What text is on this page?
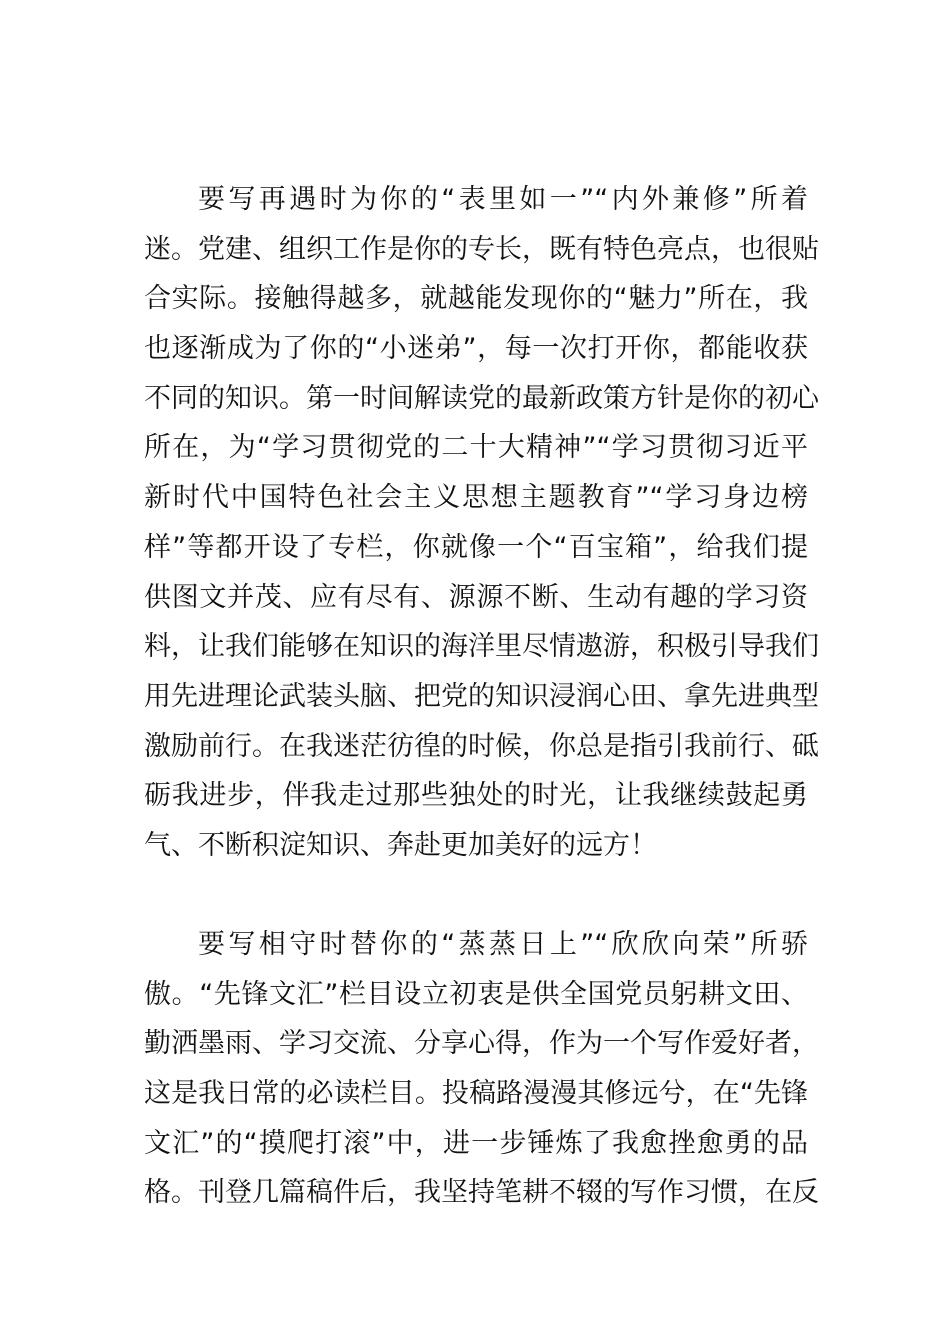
要写再遇时为你的“表里如一”“内外兼修”所着
迷。党建、组织工作是你的专长，既有特色亮点，也很贴
合实际。接触得越多，就越能发现你的“魅力”所在，我
也逐渐成为了你的“小迷弟”，每一次打开你，都能收获
不同的知识。第一时间解读党的最新政策方针是你的初心
所在，为“学习贯彻党的二十大精神”“学习贯彻习近平
新时代中国特色社会主义思想主题教育”“学习身边榜
样”等都开设了专栏，你就像一个“百宝箱”，给我们提
供图文并茂、应有尽有、源源不断、生动有趣的学习资
料，让我们能够在知识的海洋里尽情遨游，积极引导我们
用先进理论武装头脑、把党的知识浸润心田、拿先进典型
激励前行。在我迷茫彷徨的时候，你总是指引我前行、砥
砺我进步，伴我走过那些独处的时光，让我继续鼓起勇
气、不断积淀知识、奔赴更加美好的远方！
要写相守时替你的“蒸蒸日上”“欣欣向荣”所骄
傲。“先锋文汇”栏目设立初衷是供全国党员躬耕文田、
勤洒墨雨、学习交流、分享心得，作为一个写作爱好者，
这是我日常的必读栏目。投稿路漫漫其修远兮，在“先锋
文汇”的“摸爬打滚”中，进一步锤炼了我愈挫愈勇的品
格。刊登几篇稿件后，我坚持笔耕不辍的写作习惯，在反
